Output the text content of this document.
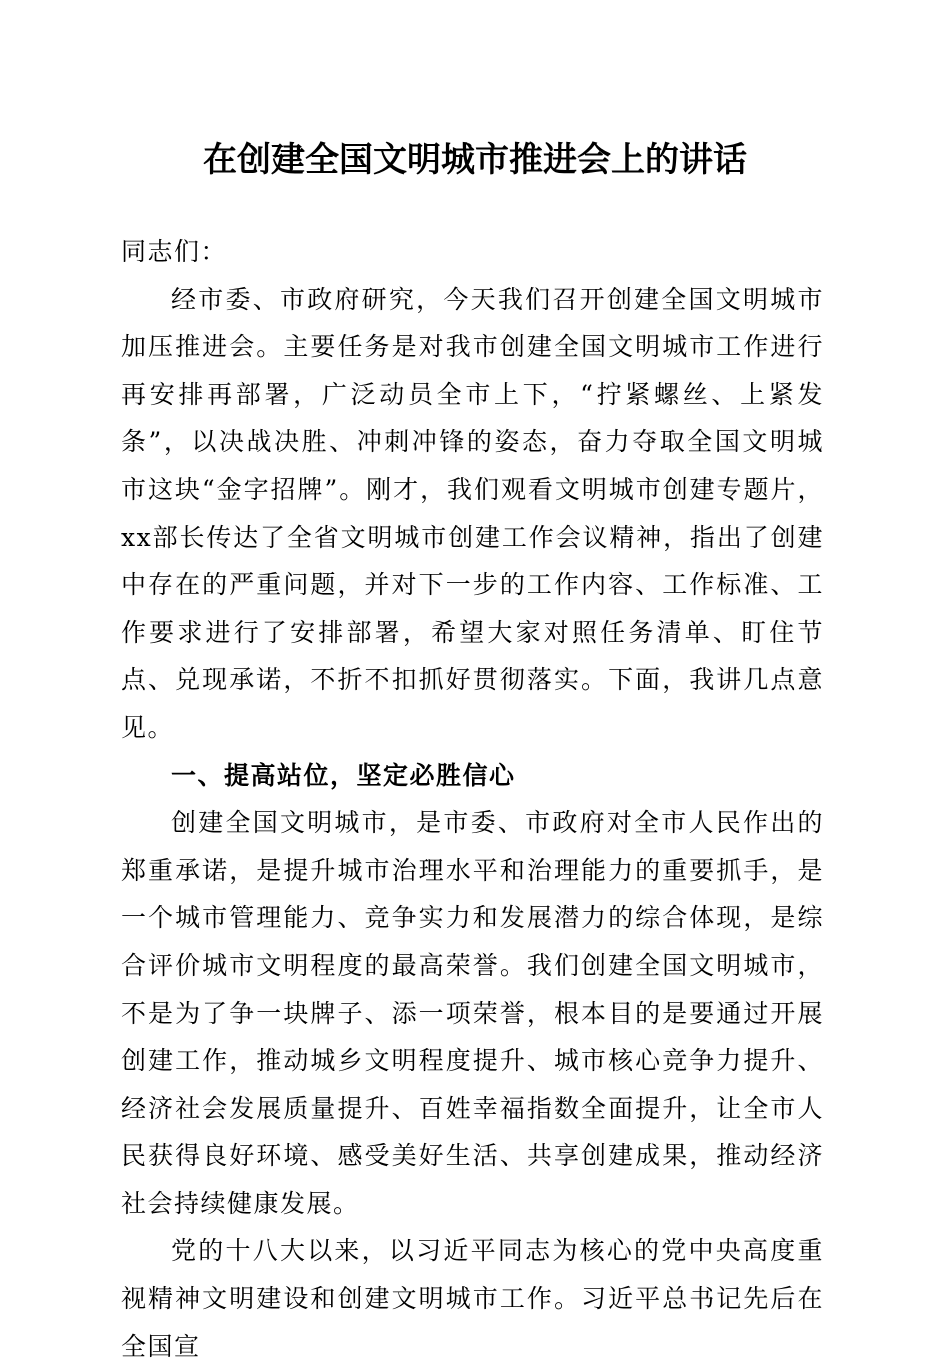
在创建全国文明城市推进会上的讲话

同志们：

经市委、市政府研究，今天我们召开创建全国文明城市加压推进会。主要任务是对我市创建全国文明城市工作进行再安排再部署，广泛动员全市上下，“拧紧螺丝、上紧发条”，以决战决胜、冲刺冲锋的姿态，奋力夺取全国文明城市这块“金字招牌”。刚才，我们观看文明城市创建专题片，xx部长传达了全省文明城市创建工作会议精神，指出了创建中存在的严重问题，并对下一步的工作内容、工作标准、工作要求进行了安排部署，希望大家对照任务清单、盯住节点、兑现承诺，不折不扣抓好贯彻落实。下面，我讲几点意见。

一、提高站位，坚定必胜信心

创建全国文明城市，是市委、市政府对全市人民作出的郑重承诺，是提升城市治理水平和治理能力的重要抓手，是一个城市管理能力、竞争实力和发展潜力的综合体现，是综合评价城市文明程度的最高荣誉。我们创建全国文明城市，不是为了争一块牌子、添一项荣誉，根本目的是要通过开展创建工作，推动城乡文明程度提升、城市核心竞争力提升、经济社会发展质量提升、百姓幸福指数全面提升，让全市人民获得良好环境、感受美好生活、共享创建成果，推动经济社会持续健康发展。

党的十八大以来，以习近平同志为核心的党中央高度重视精神文明建设和创建文明城市工作。习近平总书记先后在全国宣
